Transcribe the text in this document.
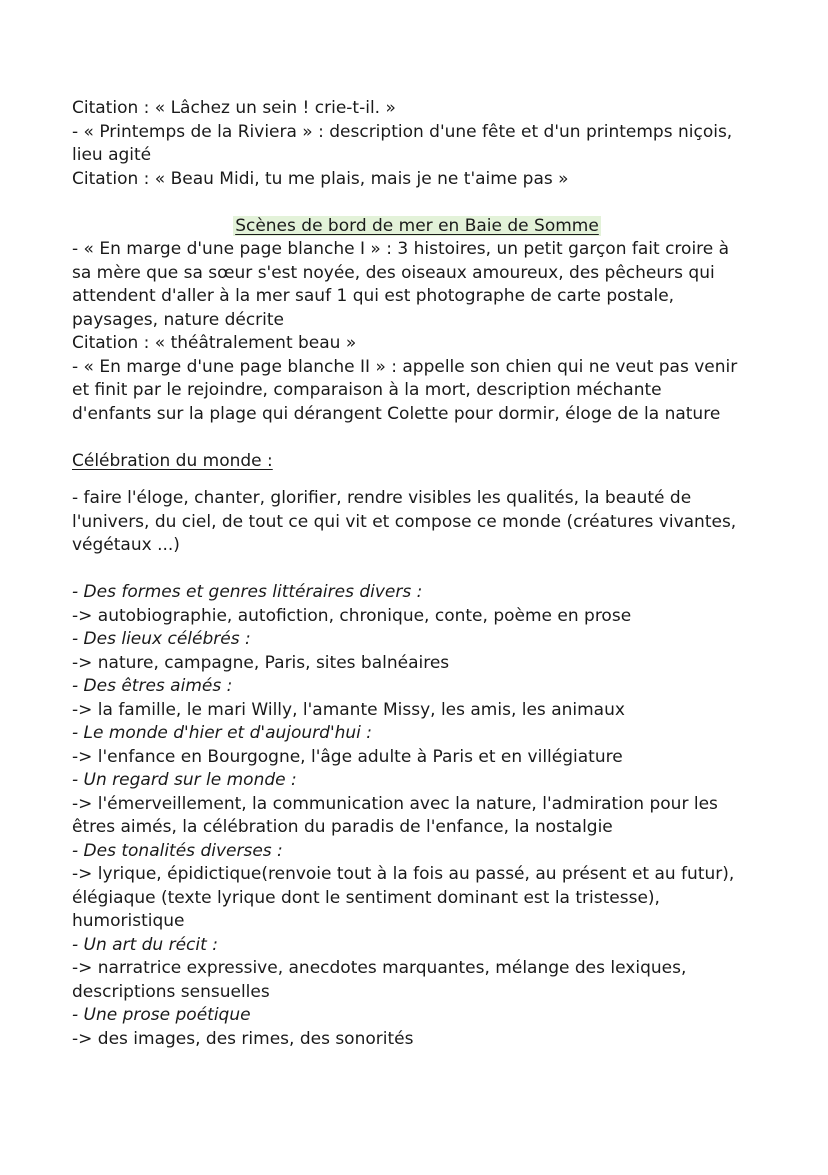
Citation : « Lâchez un sein ! crie-t-il. »
- « Printemps de la Riviera » : description d'une fête et d'un printemps niçois,
lieu agité
Citation : « Beau Midi, tu me plais, mais je ne t'aime pas »
Scènes de bord de mer en Baie de Somme
- « En marge d'une page blanche I » : 3 histoires, un petit garçon fait croire à
sa mère que sa sœur s'est noyée, des oiseaux amoureux, des pêcheurs qui
attendent d'aller à la mer sauf 1 qui est photographe de carte postale,
paysages, nature décrite
Citation : « théâtralement beau »
- « En marge d'une page blanche II » : appelle son chien qui ne veut pas venir
et finit par le rejoindre, comparaison à la mort, description méchante
d'enfants sur la plage qui dérangent Colette pour dormir, éloge de la nature
Célébration du monde :
- faire l'éloge, chanter, glorifier, rendre visibles les qualités, la beauté de
l'univers, du ciel, de tout ce qui vit et compose ce monde (créatures vivantes,
végétaux ...)
- Des formes et genres littéraires divers :
-> autobiographie, autofiction, chronique, conte, poème en prose
- Des lieux célébrés :
-> nature, campagne, Paris, sites balnéaires
- Des êtres aimés :
-> la famille, le mari Willy, l'amante Missy, les amis, les animaux
- Le monde d'hier et d'aujourd'hui :
-> l'enfance en Bourgogne, l'âge adulte à Paris et en villégiature
- Un regard sur le monde :
-> l'émerveillement, la communication avec la nature, l'admiration pour les
êtres aimés, la célébration du paradis de l'enfance, la nostalgie
- Des tonalités diverses :
-> lyrique, épidictique(renvoie tout à la fois au passé, au présent et au futur),
élégiaque (texte lyrique dont le sentiment dominant est la tristesse),
humoristique
- Un art du récit :
-> narratrice expressive, anecdotes marquantes, mélange des lexiques,
descriptions sensuelles
- Une prose poétique
-> des images, des rimes, des sonorités
